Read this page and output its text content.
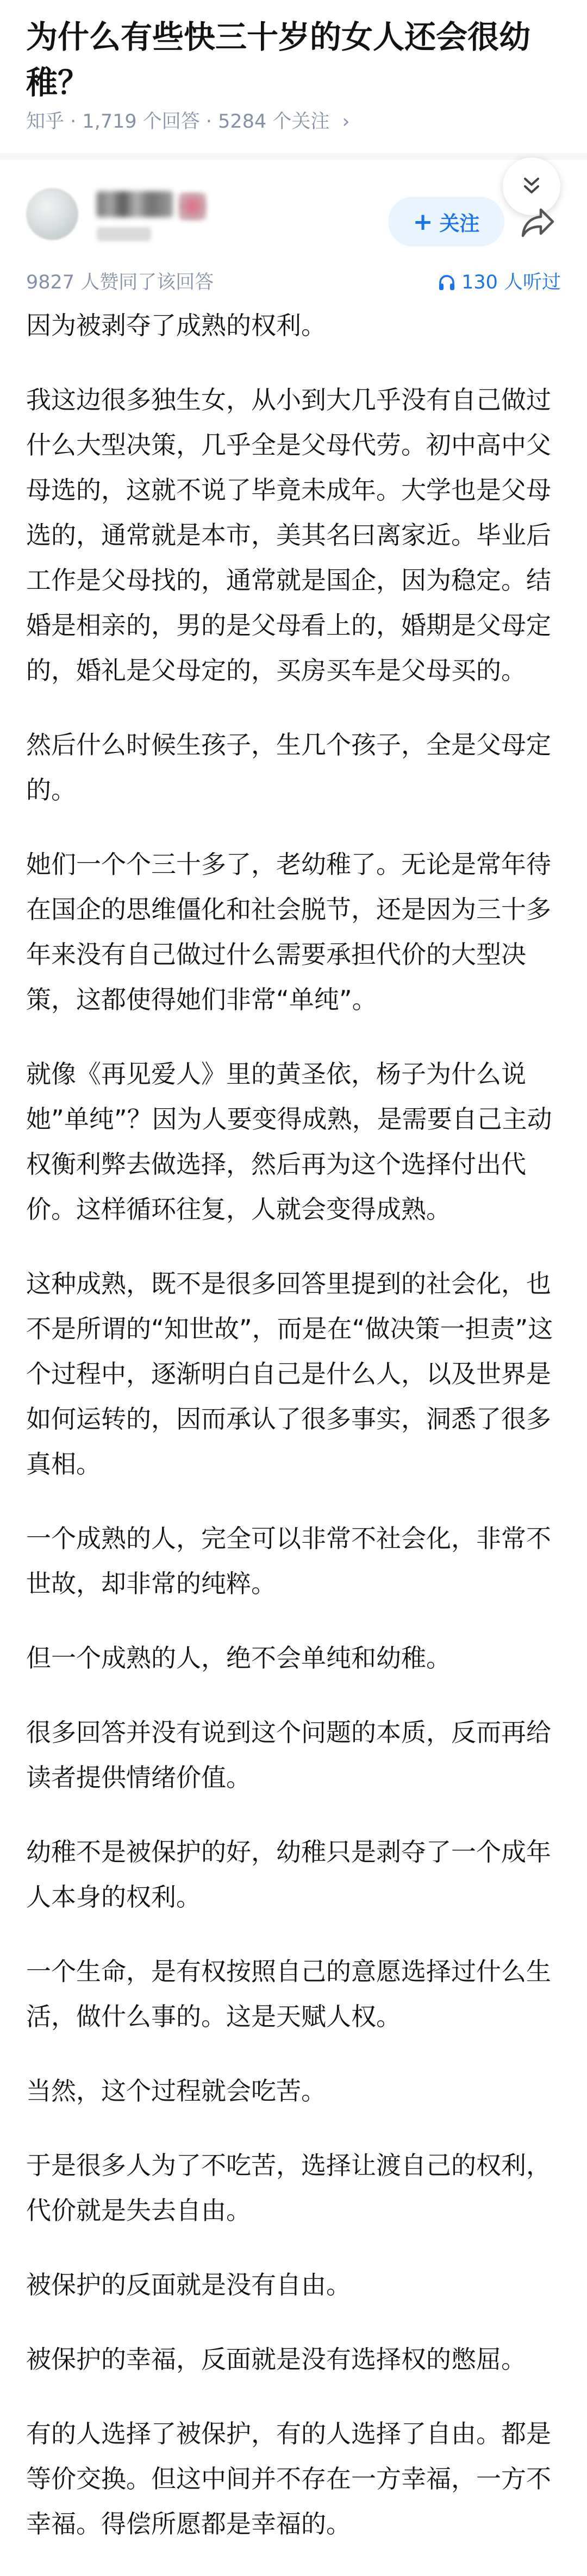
为什么有些快三十岁的女人还会很幼稚？
知乎 · 1,719 个回答 · 5284 个关注 ›
+ 关注
9827 人赞同了该回答	130 人听过

因为被剥夺了成熟的权利。

我这边很多独生女，从小到大几乎没有自己做过什么大型决策，几乎全是父母代劳。初中高中父母选的，这就不说了毕竟未成年。大学也是父母选的，通常就是本市，美其名曰离家近。毕业后工作是父母找的，通常就是国企，因为稳定。结婚是相亲的，男的是父母看上的，婚期是父母定的，婚礼是父母定的，买房买车是父母买的。

然后什么时候生孩子，生几个孩子，全是父母定的。

她们一个个三十多了，老幼稚了。无论是常年待在国企的思维僵化和社会脱节，还是因为三十多年来没有自己做过什么需要承担代价的大型决策，这都使得她们非常“单纯”。

就像《再见爱人》里的黄圣依，杨子为什么说她”单纯”？因为人要变得成熟，是需要自己主动权衡利弊去做选择，然后再为这个选择付出代价。这样循环往复，人就会变得成熟。

这种成熟，既不是很多回答里提到的社会化，也不是所谓的“知世故”，而是在“做决策一担责”这个过程中，逐渐明白自己是什么人，以及世界是如何运转的，因而承认了很多事实，洞悉了很多真相。

一个成熟的人，完全可以非常不社会化，非常不世故，却非常的纯粹。

但一个成熟的人，绝不会单纯和幼稚。

很多回答并没有说到这个问题的本质，反而再给读者提供情绪价值。

幼稚不是被保护的好，幼稚只是剥夺了一个成年人本身的权利。

一个生命，是有权按照自己的意愿选择过什么生活，做什么事的。这是天赋人权。

当然，这个过程就会吃苦。

于是很多人为了不吃苦，选择让渡自己的权利，代价就是失去自由。

被保护的反面就是没有自由。

被保护的幸福，反面就是没有选择权的憋屈。

有的人选择了被保护，有的人选择了自由。都是等价交换。但这中间并不存在一方幸福，一方不幸福。得偿所愿都是幸福的。
